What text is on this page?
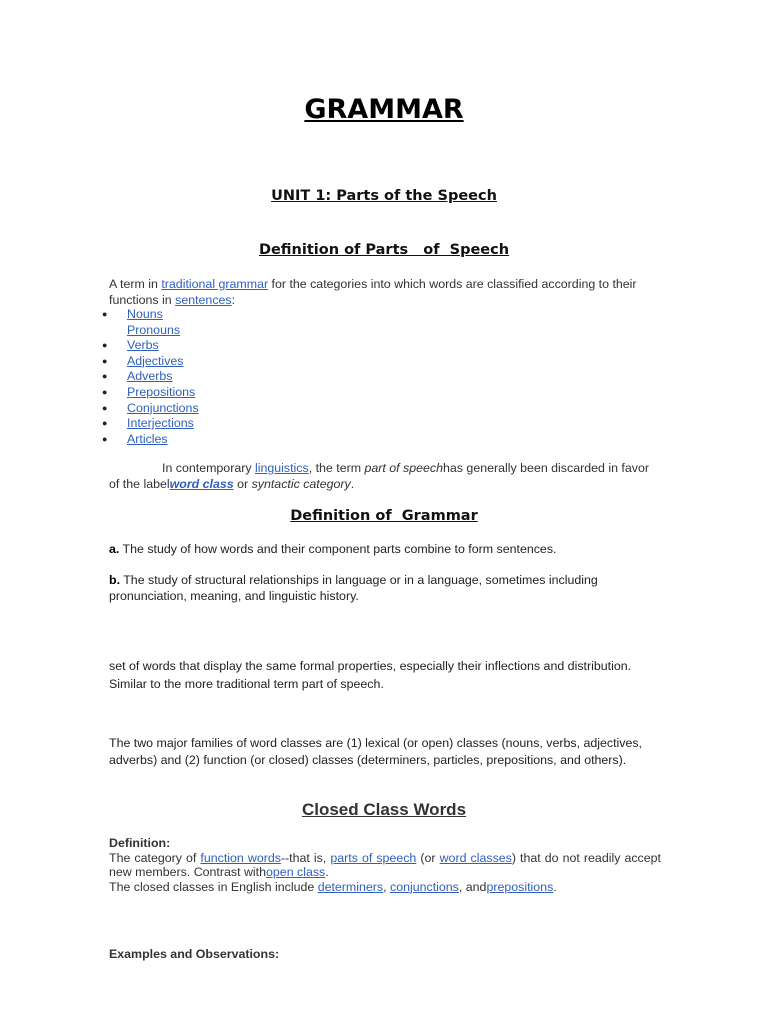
GRAMMAR
UNIT 1: Parts of the Speech
Definition of Parts   of  Speech
A term in traditional grammar for the categories into which words are classified according to their functions in sentences:
● Nouns
Pronouns
● Verbs
● Adjectives
● Adverbs
● Prepositions
● Conjunctions
● Interjections
● Articles
In contemporary linguistics, the term part of speechhas generally been discarded in favor of the labelword class or syntactic category.
Definition of  Grammar
a. The study of how words and their component parts combine to form sentences.
b. The study of structural relationships in language or in a language, sometimes including pronunciation, meaning, and linguistic history.
set of words that display the same formal properties, especially their inflections and distribution. Similar to the more traditional term part of speech.
The two major families of word classes are (1) lexical (or open) classes (nouns, verbs, adjectives, adverbs) and (2) function (or closed) classes (determiners, particles, prepositions, and others).
Closed Class Words
Definition:
The category of function words--that is, parts of speech (or word classes) that do not readily accept new members. Contrast withopen class.
The closed classes in English include determiners, conjunctions, andprepositions.
Examples and Observations:
